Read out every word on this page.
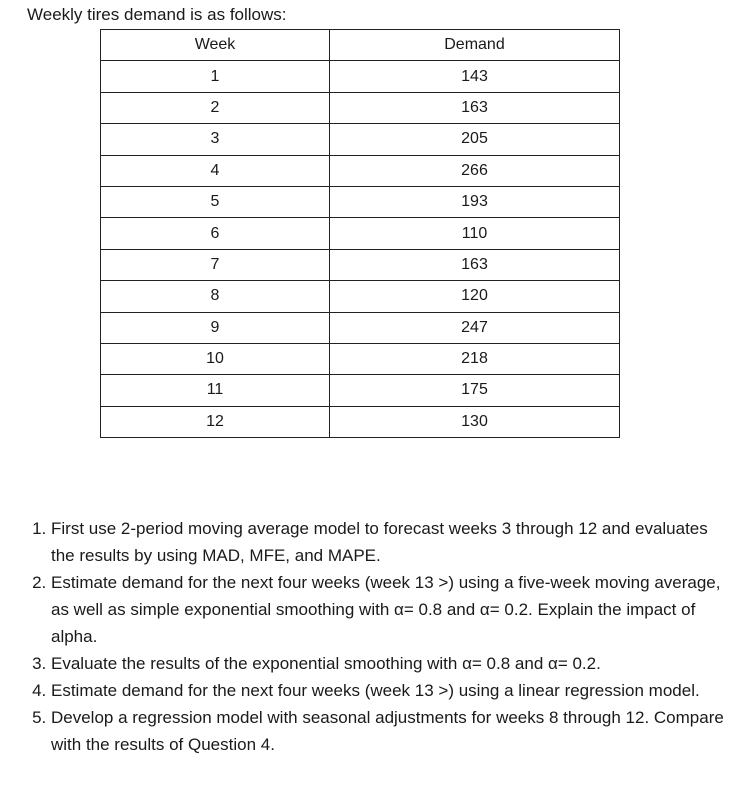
Weekly tires demand is as follows:
Week	Demand
1	143
2	163
3	205
4	266
5	193
6	110
7	163
8	120
9	247
10	218
11	175
12	130
1. First use 2-period moving average model to forecast weeks 3 through 12 and evaluates the results by using MAD, MFE, and MAPE.
2. Estimate demand for the next four weeks (week 13 >) using a five-week moving average, as well as simple exponential smoothing with α= 0.8 and α= 0.2. Explain the impact of alpha.
3. Evaluate the results of the exponential smoothing with α= 0.8 and α= 0.2.
4. Estimate demand for the next four weeks (week 13 >) using a linear regression model.
5. Develop a regression model with seasonal adjustments for weeks 8 through 12. Compare with the results of Question 4.
